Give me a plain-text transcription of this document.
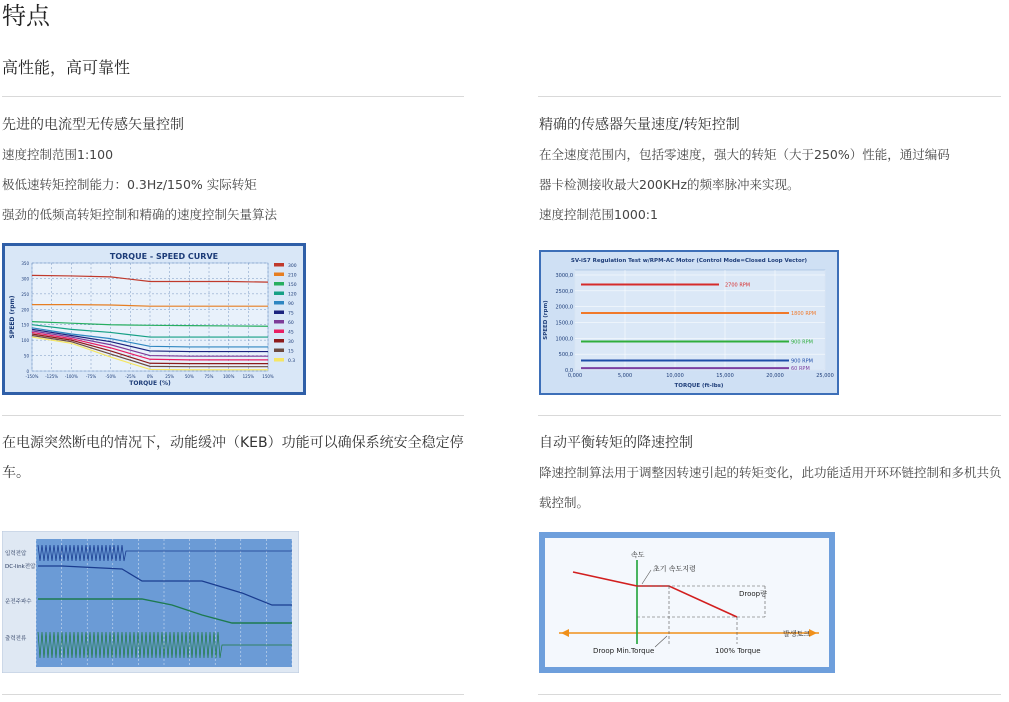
特点
高性能，高可靠性
先进的电流型无传感矢量控制
速度控制范围1:100
极低速转矩控制能力：0.3Hz/150% 实际转矩
强劲的低频高转矩控制和精确的速度控制矢量算法
TORQUE - SPEED CURVE
350
300
250
200
150
100
50
0
-150% -125% -100% -75% -50% -25%	0%	25%	50%	75% 100% 125% 150%
300
210
150
120
90
75
60
45
30
15
0.3
TORQUE (%)
SPEED (rpm)
精确的传感器矢量速度/转矩控制
在全速度范围内，包括零速度，强大的转矩（大于250%）性能，通过编码
器卡检测接收最大200KHz的频率脉冲来实现。
速度控制范围1000:1
SV-iS7 Regulation Test w/RPM-AC Motor (Control Mode=Closed Loop Vector)
2700 RPM
1800 RPM
900 RPM
900 RPM
60 RPM
3000,0
2500,0
2000,0
1500,0
1000,0
500,0
0,0
0,000	5,000	10,000	15,000	20,000	25,000
TORQUE (ft-lbs)
SPEED (rpm)
在电源突然断电的情况下，动能缓冲（KEB）功能可以确保系统安全稳定停车。
입력전압
DC-link전압
운전주파수
출력전류
自动平衡转矩的降速控制
降速控制算法用于调整因转速引起的转矩变化，此功能适用开环环链控制和多机共负载控制。
속도
초기 속도지령
Droop량
발생토크
Droop Min.Torque	100% Torque
